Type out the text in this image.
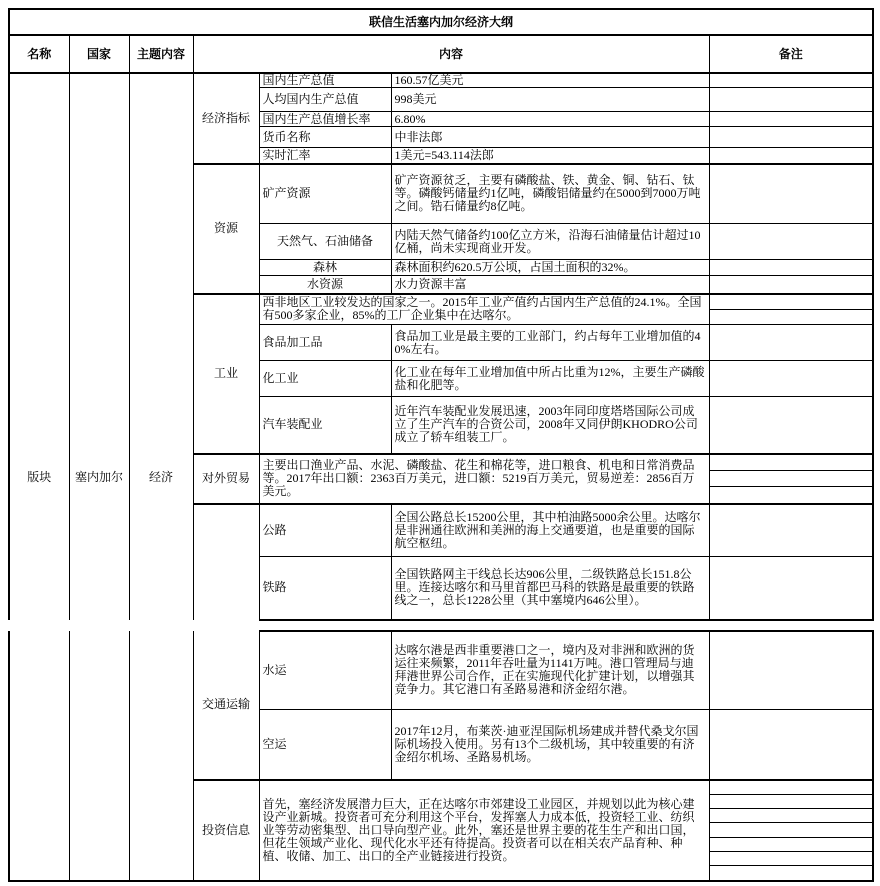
联信生活塞内加尔经济大纲						
名称	国家	主题内容	内容			备注

版块	塞内加尔	经济	经济指标	国内生产总值	160.57亿美元	
				人均国内生产总值	998美元	
				国内生产总值增长率	6.80%	
				货币名称	中非法郎	
				实时汇率	1美元=543.114法郎	
			资源	矿产资源	矿产资源贫乏，主要有磷酸盐、铁、黄金、铜、钻石、钛等。磷酸钙储量约1亿吨，磷酸铝储量约在5000到7000万吨之间。锆石储量约8亿吨。	
				天然气、石油储备	内陆天然气储备约100亿立方米，沿海石油储量估计超过10亿桶，尚未实现商业开发。	
				森林	森林面积约620.5万公顷，占国土面积的32%。	
				水资源	水力资源丰富	
			工业	西非地区工业较发达的国家之一。2015年工业产值约占国内生产总值的24.1%。全国有500多家企业，85%的工厂企业集中在达喀尔。		

				食品加工品	食品加工业是最主要的工业部门，约占每年工业增加值的40%左右。	
				化工业	化工业在每年工业增加值中所占比重为12%，主要生产磷酸盐和化肥等。	
				汽车装配业	近年汽车装配业发展迅速，2003年同印度塔塔国际公司成立了生产汽车的合资公司，2008年又同伊朗KHODRO公司成立了轿车组装工厂。	
			对外贸易	主要出口渔业产品、水泥、磷酸盐、花生和棉花等，进口粮食、机电和日常消费品等。2017年出口额：2363百万美元，进口额：5219百万美元，贸易逆差：2856百万美元。		

				公路	全国公路总长15200公里，其中柏油路5000余公里。达喀尔是非洲通往欧洲和美洲的海上交通要道，也是重要的国际航空枢纽。	
				铁路	全国铁路网主干线总长达906公里，二级铁路总长151.8公里。连接达喀尔和马里首都巴马科的铁路是最重要的铁路线之一，总长1228公里（其中塞境内646公里）。	
			交通运输	水运	达喀尔港是西非重要港口之一，境内及对非洲和欧洲的货运往来频繁，2011年吞吐量为1141万吨。港口管理局与迪拜港世界公司合作，正在实施现代化扩建计划，以增强其竞争力。其它港口有圣路易港和济金绍尔港。	
				空运	2017年12月，布莱茨·迪亚涅国际机场建成并替代桑戈尔国际机场投入使用。另有13个二级机场，其中较重要的有济金绍尔机场、圣路易机场。	
			投资信息	首先，塞经济发展潜力巨大，正在达喀尔市郊建设工业园区，并规划以此为核心建设产业新城。投资者可充分利用这个平台，发挥塞人力成本低，投资轻工业、纺织业等劳动密集型、出口导向型产业。此外，塞还是世界主要的花生生产和出口国，但花生领域产业化、现代化水平还有待提高。投资者可以在相关农产品育种、种植、收储、加工、出口的全产业链接进行投资。		
